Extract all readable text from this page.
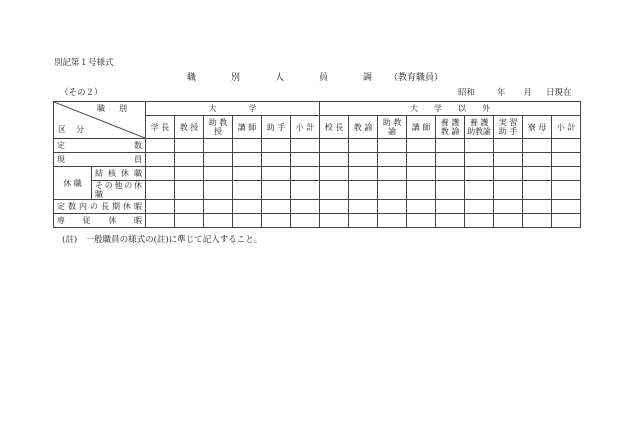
別記第１号様式
職　別　人　員　調 （教育職員）
（その２）	昭和	年 月 日現在
職別
区分		大　　　　学						大　　学　　以　　外								
		学 長	教 授	助 教 授	講 師	助 手	小 計	校 長	教 諭	助 教 諭	講 師	養 護 教 諭	養 護 助教諭	実 習 助 手	寮 母	小 計
定数																
現員																
休 職	結 核 休 職															
	その他の休職															
定数内の長期休暇																
専　従　休　暇																
(註)　一般職員の様式の(註)に準じて記入すること。
